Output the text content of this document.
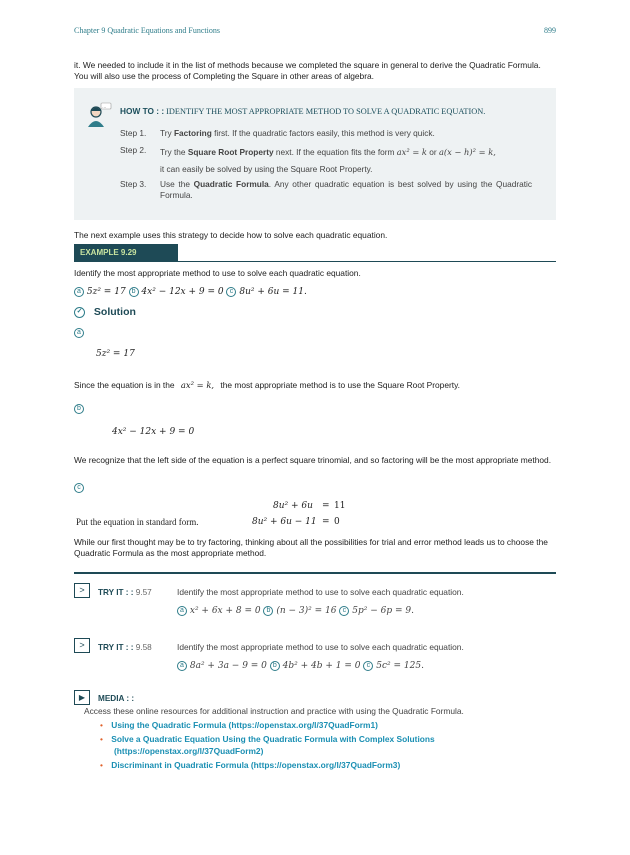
Chapter 9 Quadratic Equations and Functions	899
it. We needed to include it in the list of methods because we completed the square in general to derive the Quadratic Formula. You will also use the process of Completing the Square in other areas of algebra.
... HOW TO : : IDENTIFY THE MOST APPROPRIATE METHOD TO SOLVE A QUADRATIC EQUATION.
Step 1. Try Factoring first. If the quadratic factors easily, this method is very quick.
Step 2. Try the Square Root Property next. If the equation fits the form ax² = k or a(x − h)² = k,
it can easily be solved by using the Square Root Property.
Step 3. Use the Quadratic Formula. Any other quadratic equation is best solved by using the Quadratic Formula.
The next example uses this strategy to decide how to solve each quadratic equation.
EXAMPLE 9.29
Identify the most appropriate method to use to solve each quadratic equation.
a 5z² = 17 b 4x² − 12x + 9 = 0 c 8u² + 6u = 11.
✓ Solution
a
5z² = 17
Since the equation is in the ax² = k, the most appropriate method is to use the Square Root Property.
b
4x² − 12x + 9 = 0
We recognize that the left side of the equation is a perfect square trinomial, and so factoring will be the most appropriate method.
c
8u² + 6u = 11
Put the equation in standard form.	8u² + 6u − 11 = 0
While our first thought may be to try factoring, thinking about all the possibilities for trial and error method leads us to choose the Quadratic Formula as the most appropriate method.
>	TRY IT : : 9.57	Identify the most appropriate method to use to solve each quadratic equation.
a x² + 6x + 8 = 0 b (n − 3)² = 16 c 5p² − 6p = 9.
>	TRY IT : : 9.58	Identify the most appropriate method to use to solve each quadratic equation.
a 8a² + 3a − 9 = 0 b 4b² + 4b + 1 = 0 c 5c² = 125.
▶	MEDIA : :
Access these online resources for additional instruction and practice with using the Quadratic Formula.
• Using the Quadratic Formula (https://openstax.org/l/37QuadForm1)
• Solve a Quadratic Equation Using the Quadratic Formula with Complex Solutions
(https://openstax.org/l/37QuadForm2)
• Discriminant in Quadratic Formula (https://openstax.org/l/37QuadForm3)
